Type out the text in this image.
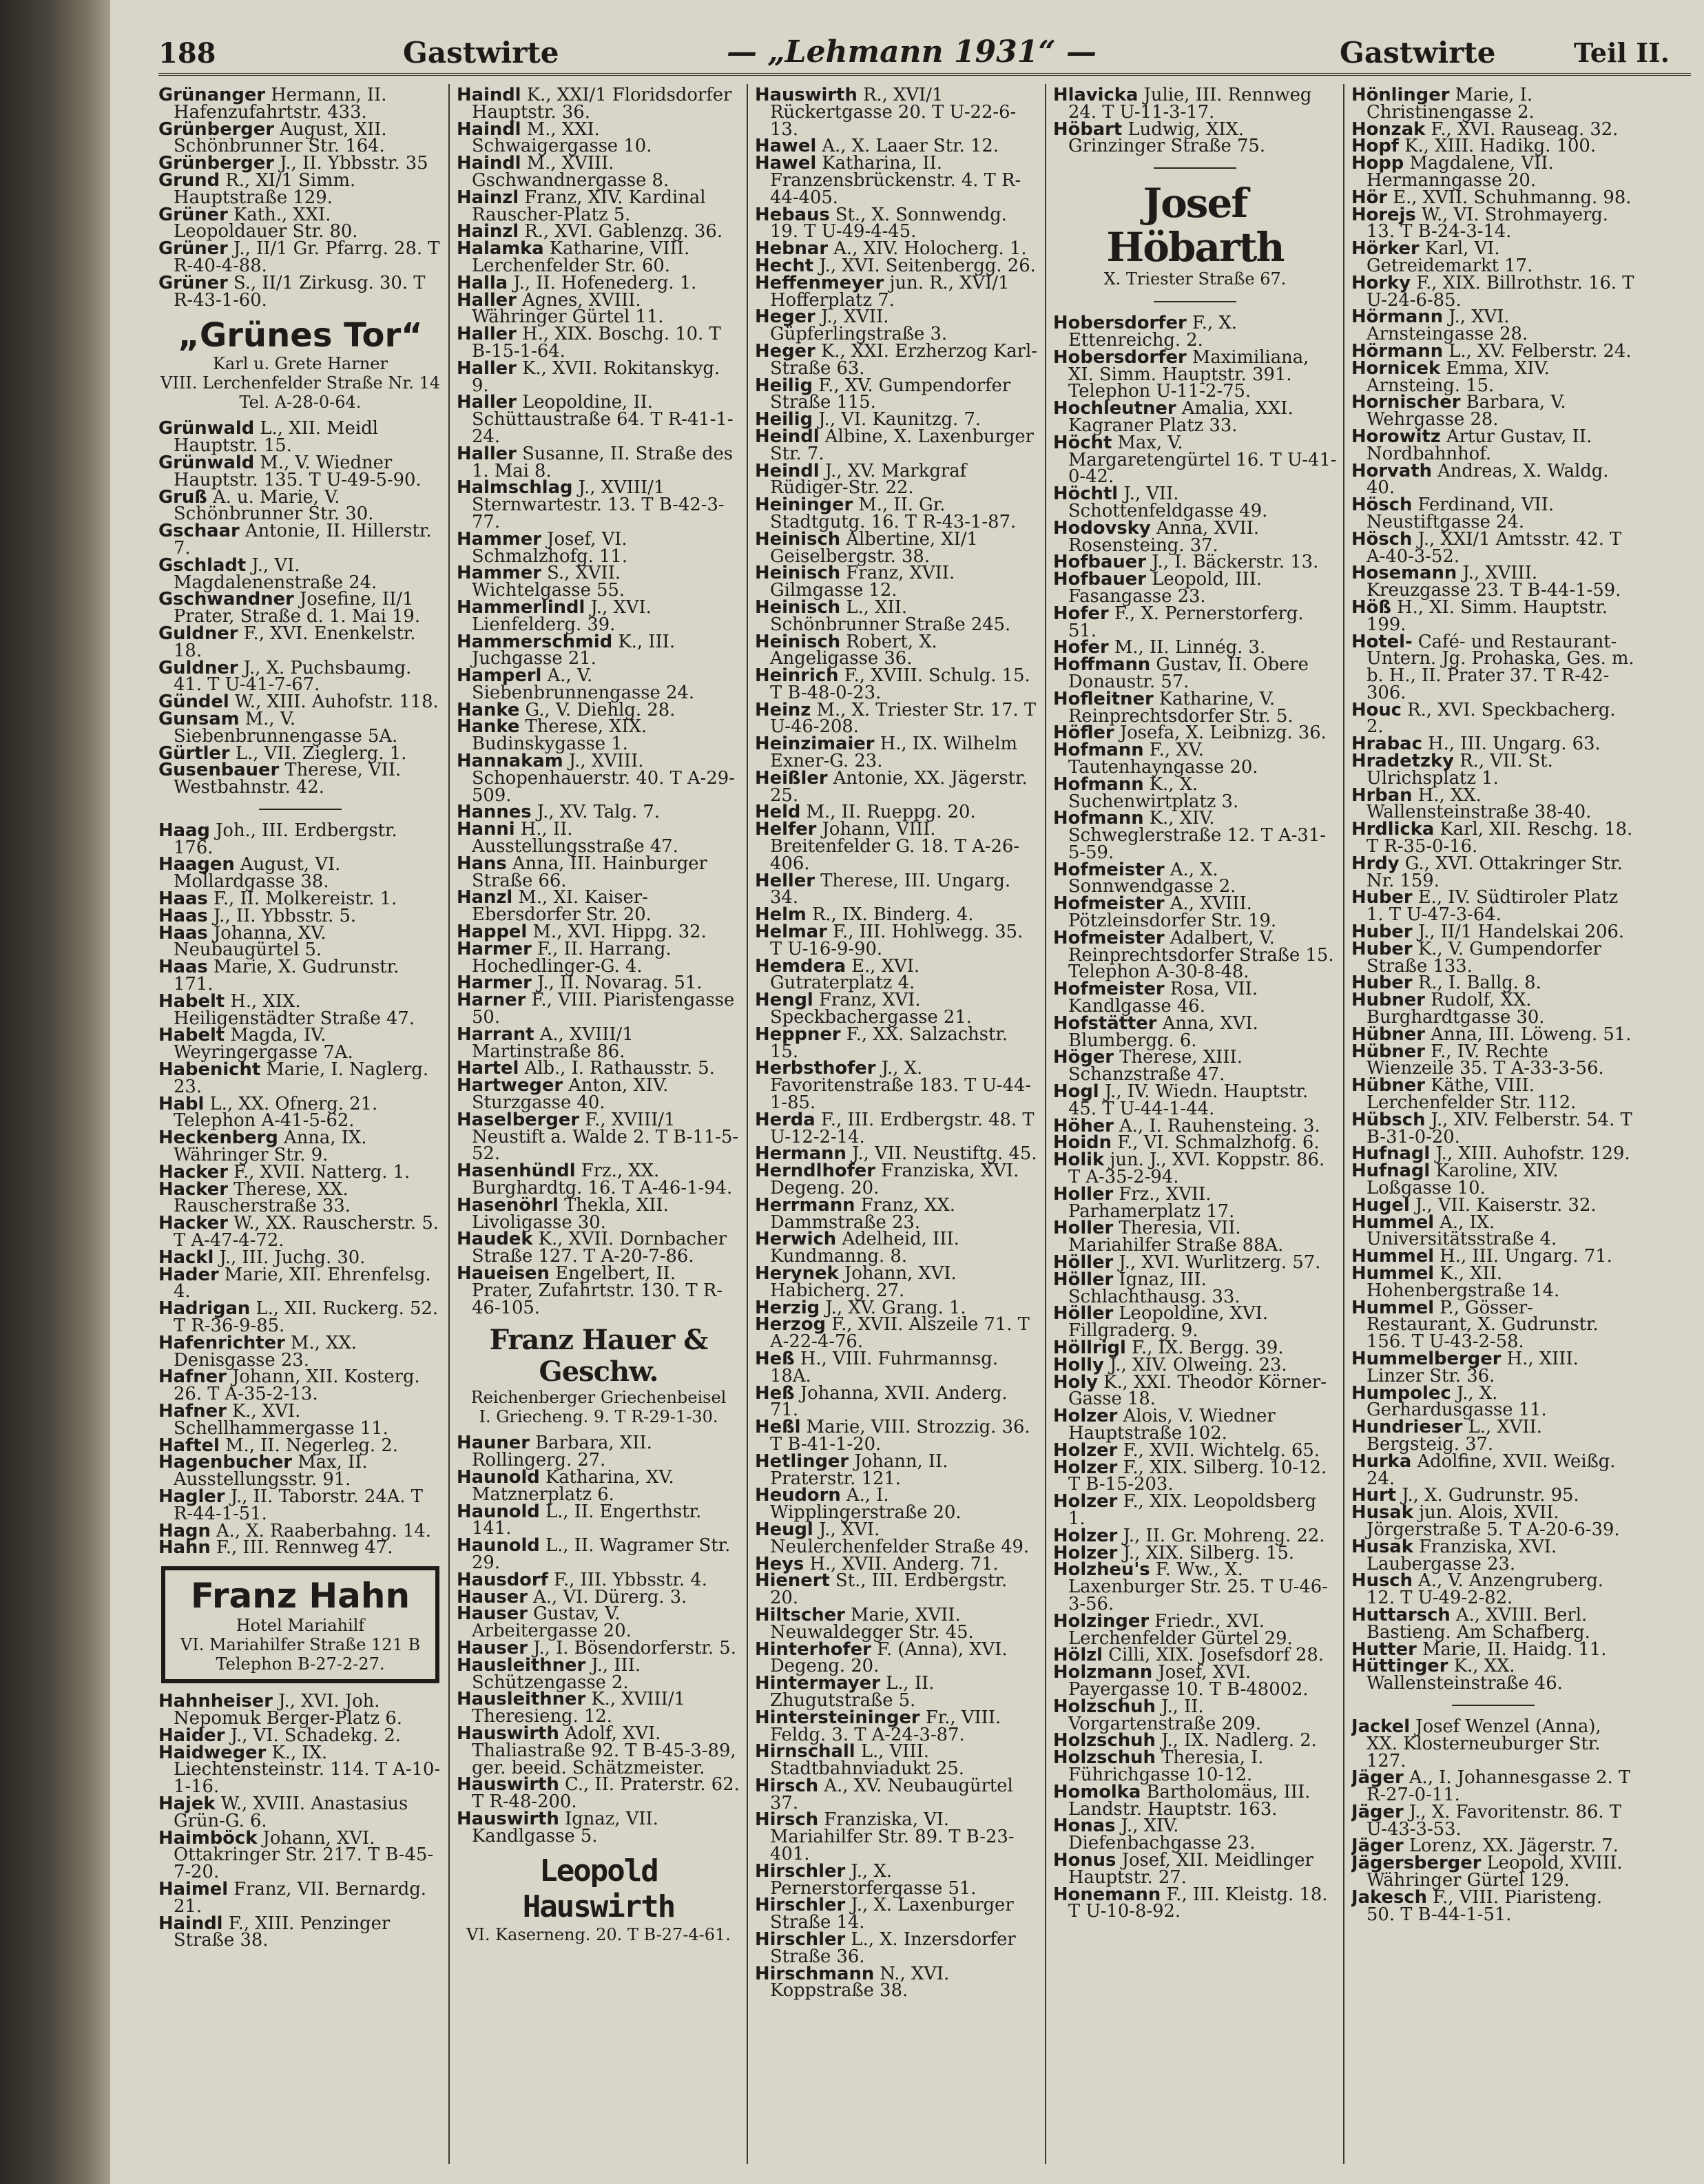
188	Gastwirte	— „Lehmann 1931“ —	Gastwirte	Teil II.
Grünanger Hermann, II. Hafenzufahrtstr. 433.
Grünberger August, XII. Schönbrunner Str. 164.
Grünberger J., II. Ybbsstr. 35
Grund R., XI/1 Simm. Hauptstraße 129.
Grüner Kath., XXI. Leopoldauer Str. 80.
Grüner J., II/1 Gr. Pfarrg. 28. T R-40-4-88.
Grüner S., II/1 Zirkusg. 30. T R-43-1-60.
„Grünes Tor“
Karl u. Grete Harner
VIII. Lerchenfelder Straße Nr. 14
Tel. A-28-0-64.
Grünwald L., XII. Meidl Hauptstr. 15.
Grünwald M., V. Wiedner Hauptstr. 135. T U-49-5-90.
Gruß A. u. Marie, V. Schönbrunner Str. 30.
Gschaar Antonie, II. Hillerstr. 7.
Gschladt J., VI. Magdalenenstraße 24.
Gschwandner Josefine, II/1 Prater, Straße d. 1. Mai 19.
Guldner F., XVI. Enenkelstr. 18.
Guldner J., X. Puchsbaumg. 41. T U-41-7-67.
Gündel W., XIII. Auhofstr. 118.
Gunsam M., V. Siebenbrunnengasse 5A.
Gürtler L., VII. Zieglerg. 1.
Gusenbauer Therese, VII. Westbahnstr. 42.
Haag Joh., III. Erdbergstr. 176.
Haagen August, VI. Mollardgasse 38.
Haas F., II. Molkereistr. 1.
Haas J., II. Ybbsstr. 5.
Haas Johanna, XV. Neubaugürtel 5.
Haas Marie, X. Gudrunstr. 171.
Habelt H., XIX. Heiligenstädter Straße 47.
Habelt Magda, IV. Weyringergasse 7A.
Habenicht Marie, I. Naglerg. 23.
Habl L., XX. Ofnerg. 21. Telephon A-41-5-62.
Heckenberg Anna, IX. Währinger Str. 9.
Hacker F., XVII. Natterg. 1.
Hacker Therese, XX. Rauscherstraße 33.
Hacker W., XX. Rauscherstr. 5. T A-47-4-72.
Hackl J., III. Juchg. 30.
Hader Marie, XII. Ehrenfelsg. 4.
Hadrigan L., XII. Ruckerg. 52. T R-36-9-85.
Hafenrichter M., XX. Denisgasse 23.
Hafner Johann, XII. Kosterg. 26. T A-35-2-13.
Hafner K., XVI. Schellhammergasse 11.
Haftel M., II. Negerleg. 2.
Hagenbucher Max, II. Ausstellungsstr. 91.
Hagler J., II. Taborstr. 24A. T R-44-1-51.
Hagn A., X. Raaberbahng. 14.
Hahn F., III. Rennweg 47.
Franz Hahn
Hotel Mariahilf
VI. Mariahilfer Straße 121 B
Telephon B-27-2-27.
Hahnheiser J., XVI. Joh. Nepomuk Berger-Platz 6.
Haider J., VI. Schadekg. 2.
Haidweger K., IX. Liechtensteinstr. 114. T A-10-1-16.
Hajek W., XVIII. Anastasius Grün-G. 6.
Haimböck Johann, XVI. Ottakringer Str. 217. T B-45-7-20.
Haimel Franz, VII. Bernardg. 21.
Haindl F., XIII. Penzinger Straße 38.
Haindl K., XXI/1 Floridsdorfer Hauptstr. 36.
Haindl M., XXI. Schwaigergasse 10.
Haindl M., XVIII. Gschwandnergasse 8.
Hainzl Franz, XIV. Kardinal Rauscher-Platz 5.
Hainzl R., XVI. Gablenzg. 36.
Halamka Katharine, VIII. Lerchenfelder Str. 60.
Halla J., II. Hofenederg. 1.
Haller Agnes, XVIII. Währinger Gürtel 11.
Haller H., XIX. Boschg. 10. T B-15-1-64.
Haller K., XVII. Rokitanskyg. 9.
Haller Leopoldine, II. Schüttaustraße 64. T R-41-1-24.
Haller Susanne, II. Straße des 1. Mai 8.
Halmschlag J., XVIII/1 Sternwartestr. 13. T B-42-3-77.
Hammer Josef, VI. Schmalzhofg. 11.
Hammer S., XVII. Wichtelgasse 55.
Hammerlindl J., XVI. Lienfelderg. 39.
Hammerschmid K., III. Juchgasse 21.
Hamperl A., V. Siebenbrunnengasse 24.
Hanke G., V. Diehlg. 28.
Hanke Therese, XIX. Budinskygasse 1.
Hannakam J., XVIII. Schopenhauerstr. 40. T A-29-509.
Hannes J., XV. Talg. 7.
Hanni H., II. Ausstellungsstraße 47.
Hans Anna, III. Hainburger Straße 66.
Hanzl M., XI. Kaiser-Ebersdorfer Str. 20.
Happel M., XVI. Hippg. 32.
Harmer F., II. Harrang. Hochedlinger-G. 4.
Harmer J., II. Novarag. 51.
Harner F., VIII. Piaristengasse 50.
Harrant A., XVIII/1 Martinstraße 86.
Hartel Alb., I. Rathausstr. 5.
Hartweger Anton, XIV. Sturzgasse 40.
Haselberger F., XVIII/1 Neustift a. Walde 2. T B-11-5-52.
Hasenhündl Frz., XX. Burghardtg. 16. T A-46-1-94.
Hasenöhrl Thekla, XII. Livoligasse 30.
Haudek K., XVII. Dornbacher Straße 127. T A-20-7-86.
Haueisen Engelbert, II. Prater, Zufahrtstr. 130. T R-46-105.
Franz Hauer & Geschw.
Reichenberger Griechenbeisel
I. Griecheng. 9. T R-29-1-30.
Hauner Barbara, XII. Rollingerg. 27.
Haunold Katharina, XV. Matznerplatz 6.
Haunold L., II. Engerthstr. 141.
Haunold L., II. Wagramer Str. 29.
Hausdorf F., III. Ybbsstr. 4.
Hauser A., VI. Dürerg. 3.
Hauser Gustav, V. Arbeitergasse 20.
Hauser J., I. Bösendorferstr. 5.
Hausleithner J., III. Schützengasse 2.
Hausleithner K., XVIII/1 Theresieng. 12.
Hauswirth Adolf, XVI. Thaliastraße 92. T B-45-3-89, ger. beeid. Schätzmeister.
Hauswirth C., II. Praterstr. 62. T R-48-200.
Hauswirth Ignaz, VII. Kandlgasse 5.
Leopold Hauswirth
VI. Kaserneng. 20. T B-27-4-61.
Hauswirth R., XVI/1 Rückertgasse 20. T U-22-6-13.
Hawel A., X. Laaer Str. 12.
Hawel Katharina, II. Franzensbrückenstr. 4. T R-44-405.
Hebaus St., X. Sonnwendg. 19. T U-49-4-45.
Hebnar A., XIV. Holocherg. 1.
Hecht J., XVI. Seitenbergg. 26.
Heffenmeyer jun. R., XVI/1 Hofferplatz 7.
Heger J., XVII. Güpferlingstraße 3.
Heger K., XXI. Erzherzog Karl-Straße 63.
Heilig F., XV. Gumpendorfer Straße 115.
Heilig J., VI. Kaunitzg. 7.
Heindl Albine, X. Laxenburger Str. 7.
Heindl J., XV. Markgraf Rüdiger-Str. 22.
Heininger M., II. Gr. Stadtgutg. 16. T R-43-1-87.
Heinisch Albertine, XI/1 Geiselbergstr. 38.
Heinisch Franz, XVII. Gilmgasse 12.
Heinisch L., XII. Schönbrunner Straße 245.
Heinisch Robert, X. Angeligasse 36.
Heinrich F., XVIII. Schulg. 15. T B-48-0-23.
Heinz M., X. Triester Str. 17. T U-46-208.
Heinzimaier H., IX. Wilhelm Exner-G. 23.
Heißler Antonie, XX. Jägerstr. 25.
Held M., II. Rueppg. 20.
Helfer Johann, VIII. Breitenfelder G. 18. T A-26-406.
Heller Therese, III. Ungarg. 34.
Helm R., IX. Binderg. 4.
Helmar F., III. Hohlwegg. 35. T U-16-9-90.
Hemdera E., XVI. Gutraterplatz 4.
Hengl Franz, XVI. Speckbachergasse 21.
Heppner F., XX. Salzachstr. 15.
Herbsthofer J., X. Favoritenstraße 183. T U-44-1-85.
Herda F., III. Erdbergstr. 48. T U-12-2-14.
Hermann J., VII. Neustiftg. 45.
Herndlhofer Franziska, XVI. Degeng. 20.
Herrmann Franz, XX. Dammstraße 23.
Herwich Adelheid, III. Kundmanng. 8.
Herynek Johann, XVI. Habicherg. 27.
Herzig J., XV. Grang. 1.
Herzog F., XVII. Alszeile 71. T A-22-4-76.
Heß H., VIII. Fuhrmannsg. 18A.
Heß Johanna, XVII. Anderg. 71.
Heßl Marie, VIII. Strozzig. 36. T B-41-1-20.
Hetlinger Johann, II. Praterstr. 121.
Heudorn A., I. Wipplingerstraße 20.
Heugl J., XVI. Neulerchenfelder Straße 49.
Heys H., XVII. Anderg. 71.
Hienert St., III. Erdbergstr. 20.
Hiltscher Marie, XVII. Neuwaldegger Str. 45.
Hinterhofer F. (Anna), XVI. Degeng. 20.
Hintermayer L., II. Zhugutstraße 5.
Hintersteininger Fr., VIII. Feldg. 3. T A-24-3-87.
Hirnschall L., VIII. Stadtbahnviadukt 25.
Hirsch A., XV. Neubaugürtel 37.
Hirsch Franziska, VI. Mariahilfer Str. 89. T B-23-401.
Hirschler J., X. Pernerstorfergasse 51.
Hirschler J., X. Laxenburger Straße 14.
Hirschler L., X. Inzersdorfer Straße 36.
Hirschmann N., XVI. Koppstraße 38.
Hlavicka Julie, III. Rennweg 24. T U-11-3-17.
Höbart Ludwig, XIX. Grinzinger Straße 75.
Josef Höbarth
X. Triester Straße 67.
Hobersdorfer F., X. Ettenreichg. 2.
Hobersdorfer Maximiliana, XI. Simm. Hauptstr. 391. Telephon U-11-2-75.
Hochleutner Amalia, XXI. Kagraner Platz 33.
Höcht Max, V. Margaretengürtel 16. T U-41-0-42.
Höchtl J., VII. Schottenfeldgasse 49.
Hodovsky Anna, XVII. Rosensteing. 37.
Hofbauer J., I. Bäckerstr. 13.
Hofbauer Leopold, III. Fasangasse 23.
Hofer F., X. Pernerstorferg. 51.
Hofer M., II. Linnég. 3.
Hoffmann Gustav, II. Obere Donaustr. 57.
Hofleitner Katharine, V. Reinprechtsdorfer Str. 5.
Höfler Josefa, X. Leibnizg. 36.
Hofmann F., XV. Tautenhayngasse 20.
Hofmann K., X. Suchenwirtplatz 3.
Hofmann K., XIV. Schweglerstraße 12. T A-31-5-59.
Hofmeister A., X. Sonnwendgasse 2.
Hofmeister A., XVIII. Pötzleinsdorfer Str. 19.
Hofmeister Adalbert, V. Reinprechtsdorfer Straße 15. Telephon A-30-8-48.
Hofmeister Rosa, VII. Kandlgasse 46.
Hofstätter Anna, XVI. Blumbergg. 6.
Höger Therese, XIII. Schanzstraße 47.
Hogl J., IV. Wiedn. Hauptstr. 45. T U-44-1-44.
Höher A., I. Rauhensteing. 3.
Hoidn F., VI. Schmalzhofg. 6.
Holik jun. J., XVI. Koppstr. 86. T A-35-2-94.
Holler Frz., XVII. Parhamerplatz 17.
Holler Theresia, VII. Mariahilfer Straße 88A.
Höller J., XVI. Wurlitzerg. 57.
Höller Ignaz, III. Schlachthausg. 33.
Höller Leopoldine, XVI. Fillgraderg. 9.
Höllrigl F., IX. Bergg. 39.
Holly J., XIV. Olweing. 23.
Holy K., XXI. Theodor Körner-Gasse 18.
Holzer Alois, V. Wiedner Hauptstraße 102.
Holzer F., XVII. Wichtelg. 65.
Holzer F., XIX. Silberg. 10-12. T B-15-203.
Holzer F., XIX. Leopoldsberg 1.
Holzer J., II. Gr. Mohreng. 22.
Holzer J., XIX. Silberg. 15.
Holzheu's F. Ww., X. Laxenburger Str. 25. T U-46-3-56.
Holzinger Friedr., XVI. Lerchenfelder Gürtel 29.
Hölzl Cilli, XIX. Josefsdorf 28.
Holzmann Josef, XVI. Payergasse 10. T B-48002.
Holzschuh J., II. Vorgartenstraße 209.
Holzschuh J., IX. Nadlerg. 2.
Holzschuh Theresia, I. Führichgasse 10-12.
Homolka Bartholomäus, III. Landstr. Hauptstr. 163.
Honas J., XIV. Diefenbachgasse 23.
Honus Josef, XII. Meidlinger Hauptstr. 27.
Honemann F., III. Kleistg. 18. T U-10-8-92.
Hönlinger Marie, I. Christinengasse 2.
Honzak F., XVI. Rauseag. 32.
Hopf K., XIII. Hadikg. 100.
Hopp Magdalene, VII. Hermanngasse 20.
Hör E., XVII. Schuhmanng. 98.
Horejs W., VI. Strohmayerg. 13. T B-24-3-14.
Hörker Karl, VI. Getreidemarkt 17.
Horky F., XIX. Billrothstr. 16. T U-24-6-85.
Hörmann J., XVI. Arnsteingasse 28.
Hörmann L., XV. Felberstr. 24.
Hornicek Emma, XIV. Arnsteing. 15.
Hornischer Barbara, V. Wehrgasse 28.
Horowitz Artur Gustav, II. Nordbahnhof.
Horvath Andreas, X. Waldg. 40.
Hösch Ferdinand, VII. Neustiftgasse 24.
Hösch J., XXI/1 Amtsstr. 42. T A-40-3-52.
Hosemann J., XVIII. Kreuzgasse 23. T B-44-1-59.
Höß H., XI. Simm. Hauptstr. 199.
Hotel- Café- und Restaurant-Untern. Jg. Prohaska, Ges. m. b. H., II. Prater 37. T R-42-306.
Houc R., XVI. Speckbacherg. 2.
Hrabac H., III. Ungarg. 63.
Hradetzky R., VII. St. Ulrichsplatz 1.
Hrban H., XX. Wallensteinstraße 38-40.
Hrdlicka Karl, XII. Reschg. 18. T R-35-0-16.
Hrdy G., XVI. Ottakringer Str. Nr. 159.
Huber E., IV. Südtiroler Platz 1. T U-47-3-64.
Huber J., II/1 Handelskai 206.
Huber K., V. Gumpendorfer Straße 133.
Huber R., I. Ballg. 8.
Hubner Rudolf, XX. Burghardtgasse 30.
Hübner Anna, III. Löweng. 51.
Hübner F., IV. Rechte Wienzeile 35. T A-33-3-56.
Hübner Käthe, VIII. Lerchenfelder Str. 112.
Hübsch J., XIV. Felberstr. 54. T B-31-0-20.
Hufnagl J., XIII. Auhofstr. 129.
Hufnagl Karoline, XIV. Loßgasse 10.
Hugel J., VII. Kaiserstr. 32.
Hummel A., IX. Universitätsstraße 4.
Hummel H., III. Ungarg. 71.
Hummel K., XII. Hohenbergstraße 14.
Hummel P., Gösser-Restaurant, X. Gudrunstr. 156. T U-43-2-58.
Hummelberger H., XIII. Linzer Str. 36.
Humpolec J., X. Gerhardusgasse 11.
Hundrieser L., XVII. Bergsteig. 37.
Hurka Adolfine, XVII. Weißg. 24.
Hurt J., X. Gudrunstr. 95.
Husak jun. Alois, XVII. Jörgerstraße 5. T A-20-6-39.
Husak Franziska, XVI. Laubergasse 23.
Husch A., V. Anzengruberg. 12. T U-49-2-82.
Huttarsch A., XVIII. Berl. Bastieng. Am Schafberg.
Hutter Marie, II. Haidg. 11.
Hüttinger K., XX. Wallensteinstraße 46.
Jackel Josef Wenzel (Anna), XX. Klosterneuburger Str. 127.
Jäger A., I. Johannesgasse 2. T R-27-0-11.
Jäger J., X. Favoritenstr. 86. T U-43-3-53.
Jäger Lorenz, XX. Jägerstr. 7.
Jägersberger Leopold, XVIII. Währinger Gürtel 129.
Jakesch F., VIII. Piaristeng. 50. T B-44-1-51.
